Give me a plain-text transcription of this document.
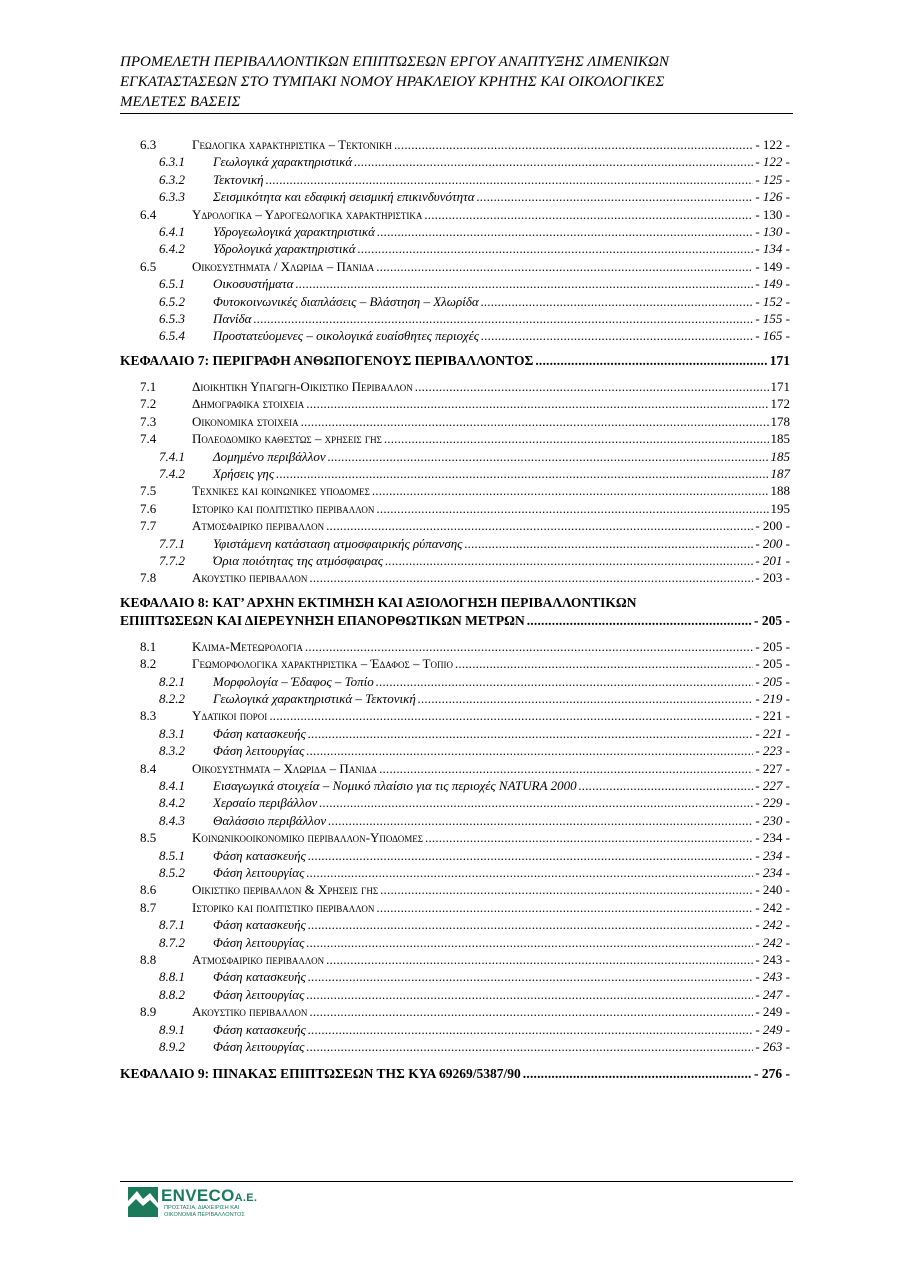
ΠΡΟΜΕΛΕΤΗ ΠΕΡΙΒΑΛΛΟΝΤΙΚΩΝ ΕΠΙΠΤΩΣΕΩΝ ΕΡΓΟΥ ΑΝΑΠΤΥΞΗΣ ΛΙΜΕΝΙΚΩΝ
ΕΓΚΑΤΑΣΤΑΣΕΩΝ ΣΤΟ ΤΥΜΠΑΚΙ ΝΟΜΟΥ ΗΡΑΚΛΕΙΟΥ ΚΡΗΤΗΣ ΚΑΙ ΟΙΚΟΛΟΓΙΚΕΣ
ΜΕΛΕΤΕΣ ΒΑΣΕΙΣ
6.3	Γεωλογικα χαρακτηριστικα – Τεκτονικη .....	- 122 -
6.3.1	Γεωλογικά χαρακτηριστικά .....	- 122 -
6.3.2	Τεκτονική .....	- 125 -
6.3.3	Σεισμικότητα και εδαφική σεισμική επικινδυνότητα .....	- 126 -
6.4	Υδρολογικα – Υδρογεωλογικα χαρακτηριστικα .....	- 130 -
6.4.1	Υδρογεωλογικά χαρακτηριστικά .....	- 130 -
6.4.2	Υδρολογικά χαρακτηριστικά .....	- 134 -
6.5	Οικοσυστηματα / Χλωριδα – Πανιδα .....	- 149 -
6.5.1	Οικοσυστήματα .....	- 149 -
6.5.2	Φυτοκοινωνικές διαπλάσεις – Βλάστηση – Χλωρίδα .....	- 152 -
6.5.3	Πανίδα .....	- 155 -
6.5.4	Προστατεύομενες – οικολογικά ευαίσθητες περιοχές .....	- 165 -
ΚΕΦΑΛΑΙΟ 7: ΠΕΡΙΓΡΑΦΗ ΑΝΘΩΠΟΓΕΝΟΥΣ ΠΕΡΙΒΑΛΛΟΝΤΟΣ .....	171
7.1	Διοικητικη Υπαγωγη-Οικιστικο Περιβαλλον .....	171
7.2	Δημογραφικα στοιχεια .....	172
7.3	Οικονομικα στοιχεια .....	178
7.4	Πολεοδομικο καθεστως – χρησεις γης .....	185
7.4.1	Δομημένο περιβάλλον .....	185
7.4.2	Χρήσεις γης .....	187
7.5	Τεχνικες και κοινωνικες υποδομες .....	188
7.6	Ιστορικο και πολιτιστικο περιβαλλον .....	195
7.7	Ατμοσφαιρικο περιβαλλον .....	- 200 -
7.7.1	Υφιστάμενη κατάσταση ατμοσφαιρικής ρύπανσης .....	- 200 -
7.7.2	Όρια ποιότητας της ατμόσφαιρας .....	- 201 -
7.8	Ακουστικο περιβαλλον .....	- 203 -
ΚΕΦΑΛΑΙΟ 8: ΚΑΤ’ ΑΡΧΗΝ ΕΚΤΙΜΗΣΗ ΚΑΙ ΑΞΙΟΛΟΓΗΣΗ ΠΕΡΙΒΑΛΛΟΝΤΙΚΩΝ
ΕΠΙΠΤΩΣΕΩΝ ΚΑΙ ΔΙΕΡΕΥΝΗΣΗ ΕΠΑΝΟΡΘΩΤΙΚΩΝ ΜΕΤΡΩΝ .....	- 205 -
8.1	Κλιμα-Μετεωρολογια .....	- 205 -
8.2	Γεωμορφολογικα χαρακτηριστικα – Έδαφος – Τοπιο .....	- 205 -
8.2.1	Μορφολογία – Έδαφος – Τοπίο .....	- 205 -
8.2.2	Γεωλογικά χαρακτηριστικά – Τεκτονική .....	- 219 -
8.3	Υδατικοι ποροι .....	- 221 -
8.3.1	Φάση κατασκευής .....	- 221 -
8.3.2	Φάση λειτουργίας .....	- 223 -
8.4	Οικοσυστηματα – Χλωριδα – Πανιδα .....	- 227 -
8.4.1	Εισαγωγικά στοιχεία – Νομικό πλαίσιο για τις περιοχές NATURA 2000 .....	- 227 -
8.4.2	Χερσαίο περιβάλλον .....	- 229 -
8.4.3	Θαλάσσιο περιβάλλον .....	- 230 -
8.5	Κοινωνικοοικονομικο περιβαλλον-Υποδομες .....	- 234 -
8.5.1	Φάση κατασκευής .....	- 234 -
8.5.2	Φάση λειτουργίας .....	- 234 -
8.6	Οικιστικο περιβαλλον & Χρησεις γης .....	- 240 -
8.7	Ιστορικο και πολιτιστικο περιβαλλον .....	- 242 -
8.7.1	Φάση κατασκευής .....	- 242 -
8.7.2	Φάση λειτουργίας .....	- 242 -
8.8	Ατμοσφαιρικο περιβαλλον .....	- 243 -
8.8.1	Φάση κατασκευής .....	- 243 -
8.8.2	Φάση λειτουργίας .....	- 247 -
8.9	Ακουστικο περιβαλλον .....	- 249 -
8.9.1	Φάση κατασκευής .....	- 249 -
8.9.2	Φάση λειτουργίας .....	- 263 -
ΚΕΦΑΛΑΙΟ 9: ΠΙΝΑΚΑΣ ΕΠΙΠΤΩΣΕΩΝ ΤΗΣ ΚΥΑ 69269/5387/90 .....	- 276 -
ENVECOΑ.Ε.
ΠΡΟΣΤΑΣΙΑ, ΔΙΑΧΕΙΡΙΣΗ ΚΑΙ
ΟΙΚΟΝΟΜΙΑ ΠΕΡΙΒΑΛΛΟΝΤΟΣ
